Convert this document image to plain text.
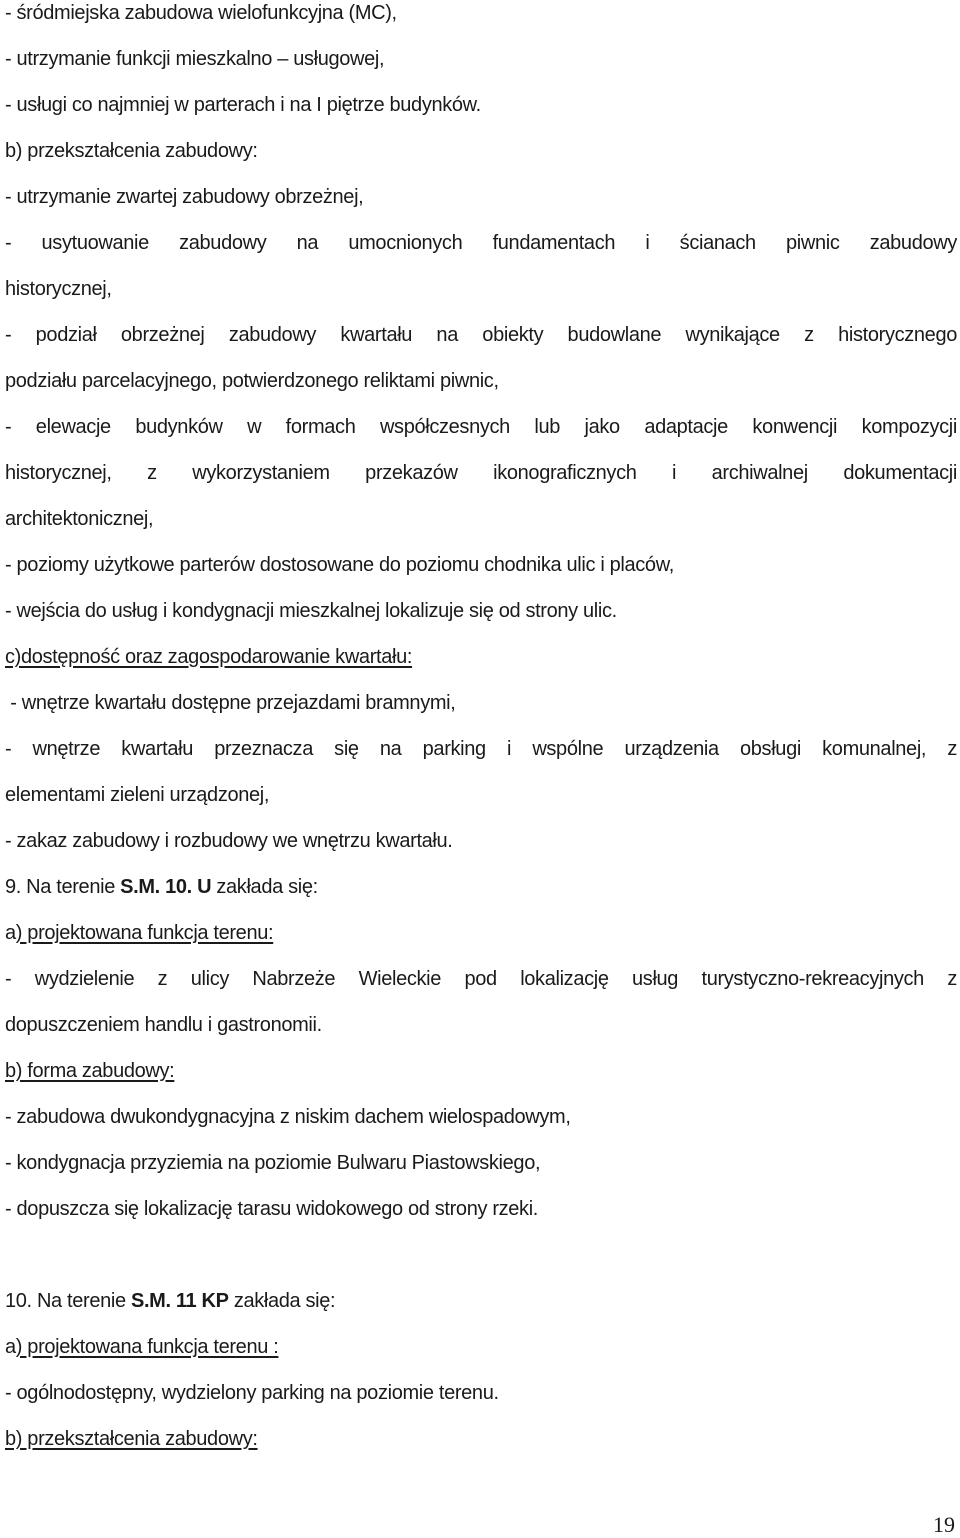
- śródmiejska zabudowa wielofunkcyjna (MC),
- utrzymanie funkcji mieszkalno – usługowej,
- usługi co najmniej w parterach i na I piętrze budynków.
b) przekształcenia zabudowy:
- utrzymanie zwartej zabudowy obrzeżnej,
- usytuowanie zabudowy na umocnionych fundamentach i ścianach piwnic zabudowy
historycznej,
- podział obrzeżnej zabudowy kwartału na obiekty budowlane wynikające z historycznego
podziału parcelacyjnego, potwierdzonego reliktami piwnic,
- elewacje budynków w formach współczesnych lub jako adaptacje konwencji kompozycji
historycznej, z wykorzystaniem przekazów ikonograficznych i archiwalnej dokumentacji
architektonicznej,
- poziomy użytkowe parterów dostosowane do poziomu chodnika ulic i placów,
- wejścia do usług i kondygnacji mieszkalnej lokalizuje się od strony ulic.
c)dostępność oraz zagospodarowanie kwartału:
- wnętrze kwartału dostępne przejazdami bramnymi,
- wnętrze kwartału przeznacza się na parking i wspólne urządzenia obsługi komunalnej, z
elementami zieleni urządzonej,
- zakaz zabudowy i rozbudowy we wnętrzu kwartału.
9. Na terenie S.M. 10. U zakłada się:
a) projektowana funkcja terenu:
- wydzielenie z ulicy Nabrzeże Wieleckie pod lokalizację usług turystyczno-rekreacyjnych z
dopuszczeniem handlu i gastronomii.
b) forma zabudowy:
- zabudowa dwukondygnacyjna z niskim dachem wielospadowym,
- kondygnacja przyziemia na poziomie Bulwaru Piastowskiego,
- dopuszcza się lokalizację tarasu widokowego od strony rzeki.
10. Na terenie S.M. 11 KP zakłada się:
a) projektowana funkcja terenu :
- ogólnodostępny, wydzielony parking na poziomie terenu.
b) przekształcenia zabudowy:
19
